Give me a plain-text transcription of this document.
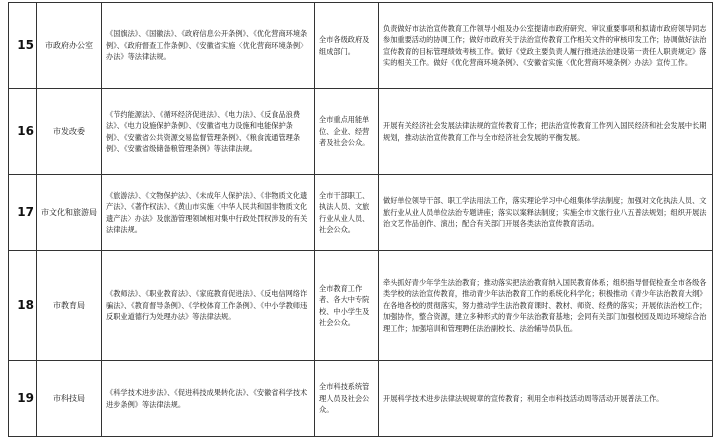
15	市政府办公室	《国旗法》、《国徽法》、《政府信息公开条例》、《优化营商环境条例》、《政府督查工作条例》、《安徽省实施〈优化营商环境条例〉办法》等法律法规。	全市各级政府及组成部门。	负责做好市法治宣传教育工作领导小组及办公室提请市政府研究、审议重要事项和拟请市政府领导同志参加重要活动的协调工作；做好市政府关于法治宣传教育工作相关文件的审核印发工作；协调做好法治宣传教育的目标管理绩效考核工作。做好《党政主要负责人履行推进法治建设第一责任人职责规定》落实的相关工作。做好《优化营商环境条例》、《安徽省实施〈优化营商环境条例〉办法》宣传工作。
16	市发改委	《节约能源法》、《循环经济促进法》、《电力法》、《反食品浪费法》、《电力设施保护条例》、《安徽省电力设施和电能保护条例》、《安徽省公共资源交易监督管理条例》、《粮食流通管理条例》、《安徽省级储备粮管理条例》等法律法规。	全市重点用能单位、企业、经营者及社会公众。	开展有关经济社会发展法律法规的宣传教育工作；把法治宣传教育工作列入国民经济和社会发展中长期规划，推动法治宣传教育工作与全市经济社会发展的平衡发展。
17	市文化和旅游局	《旅游法》、《文物保护法》、《未成年人保护法》、《非物质文化遗产法》、《著作权法》、《黄山市实施〈中华人民共和国非物质文化遗产法〉办法》及旅游管理领域相对集中行政处罚权涉及的有关法律法规。	全市干部职工、执法人员、文旅行业从业人员、社会公众。	做好单位领导干部、职工学法用法工作，落实理论学习中心组集体学法制度；加强对文化执法人员、文旅行业从业人员单位法治专题讲座；落实以案释法制度；实施全市文旅行业八五普法规划；组织开展法治文艺作品创作、演出；配合有关部门开展各类法治宣传教育活动。
18	市教育局	《教师法》、《职业教育法》、《家庭教育促进法》、《反电信网络诈骗法》、《教育督导条例》、《学校体育工作条例》、《中小学教师违反职业道德行为处理办法》等法律法规。	全市教育工作者、各大中专院校、中小学生及社会公众。	牵头抓好青少年学生法治教育；推动落实把法治教育纳入国民教育体系；组织指导督促检查全市各级各类学校的法治宣传教育，推动青少年法治教育工作的系统化科学化；积极推动《青少年法治教育大纲》在各地各校的贯彻落实，努力推动学生法治教育课时、教材、师资、经费的落实；开展依法治校工作；加强协作，整合资源，建立多种形式的青少年法治教育基地；会同有关部门加强校园及周边环境综合治理工作；加强培训和管理聘任法治副校长、法治辅导员队伍。
19	市科技局	《科学技术进步法》、《促进科技成果转化法》、《安徽省科学技术进步条例》等法律法规。	全市科技系统管理人员及社会公众。	开展科学技术进步法律法规规章的宣传教育；利用全市科技活动周等活动开展普法工作。
